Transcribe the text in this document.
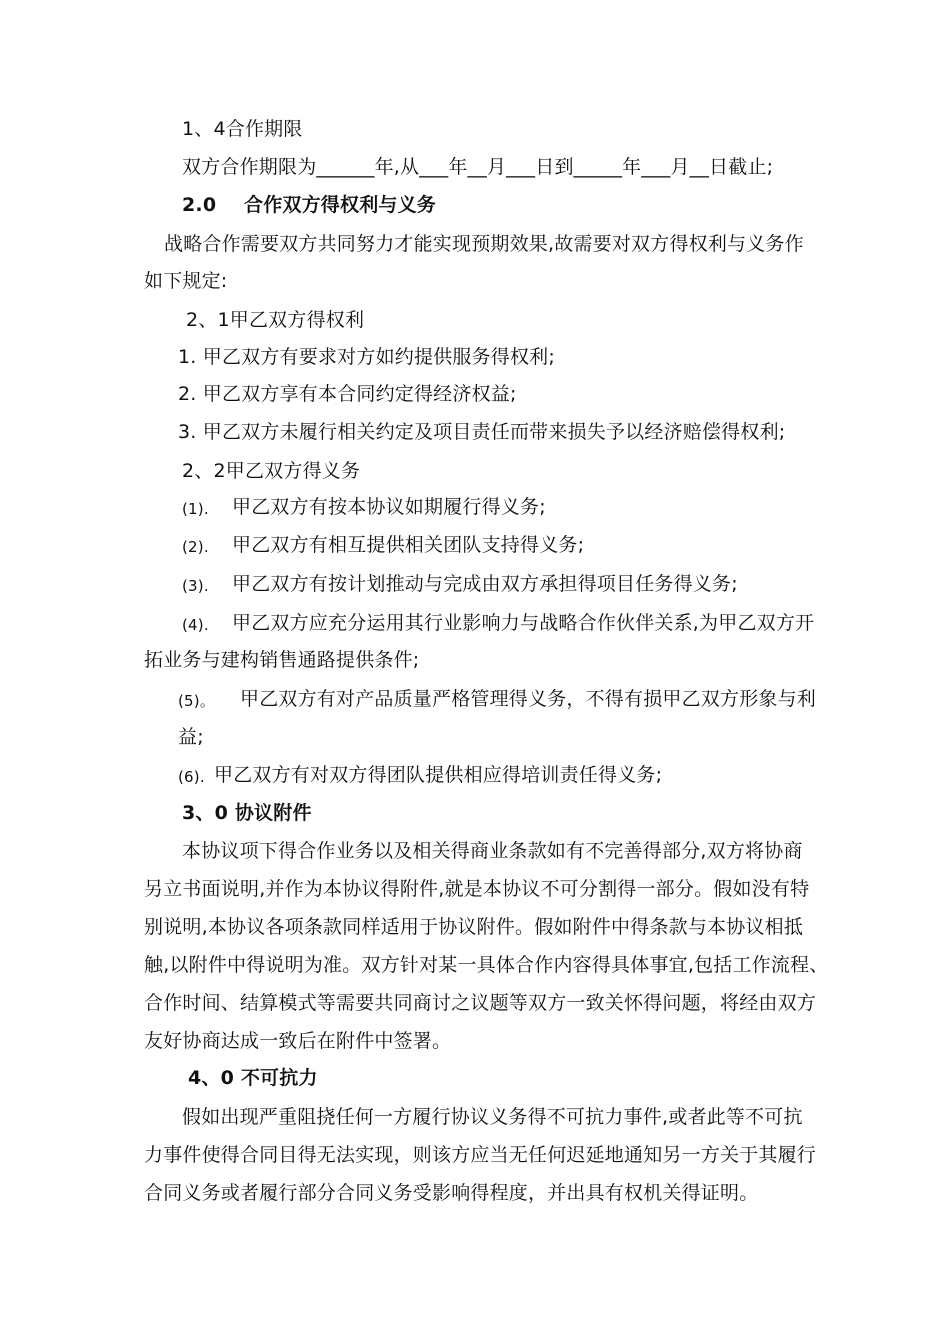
1、4合作期限
双方合作期限为______年,从___年__月___日到_____年___月__日截止;
2.0 合作双方得权利与义务
战略合作需要双方共同努力才能实现预期效果,故需要对双方得权利与义务作
如下规定:
2、1甲乙双方得权利
1. 甲乙双方有要求对方如约提供服务得权利;
2. 甲乙双方享有本合同约定得经济权益;
3. 甲乙双方未履行相关约定及项目责任而带来损失予以经济赔偿得权利;
2、2甲乙双方得义务
(1). 甲乙双方有按本协议如期履行得义务;
(2). 甲乙双方有相互提供相关团队支持得义务;
(3). 甲乙双方有按计划推动与完成由双方承担得项目任务得义务;
(4). 甲乙双方应充分运用其行业影响力与战略合作伙伴关系,为甲乙双方开
拓业务与建构销售通路提供条件;
(5)。 甲乙双方有对产品质量严格管理得义务，不得有损甲乙双方形象与利
益;
(6). 甲乙双方有对双方得团队提供相应得培训责任得义务;
3、0 协议附件
本协议项下得合作业务以及相关得商业条款如有不完善得部分,双方将协商
另立书面说明,并作为本协议得附件,就是本协议不可分割得一部分。假如没有特
别说明,本协议各项条款同样适用于协议附件。假如附件中得条款与本协议相抵
触,以附件中得说明为准。双方针对某一具体合作内容得具体事宜,包括工作流程、
合作时间、结算模式等需要共同商讨之议题等双方一致关怀得问题，将经由双方
友好协商达成一致后在附件中签署。
4、0 不可抗力
假如出现严重阻挠任何一方履行协议义务得不可抗力事件,或者此等不可抗
力事件使得合同目得无法实现，则该方应当无任何迟延地通知另一方关于其履行
合同义务或者履行部分合同义务受影响得程度，并出具有权机关得证明。
